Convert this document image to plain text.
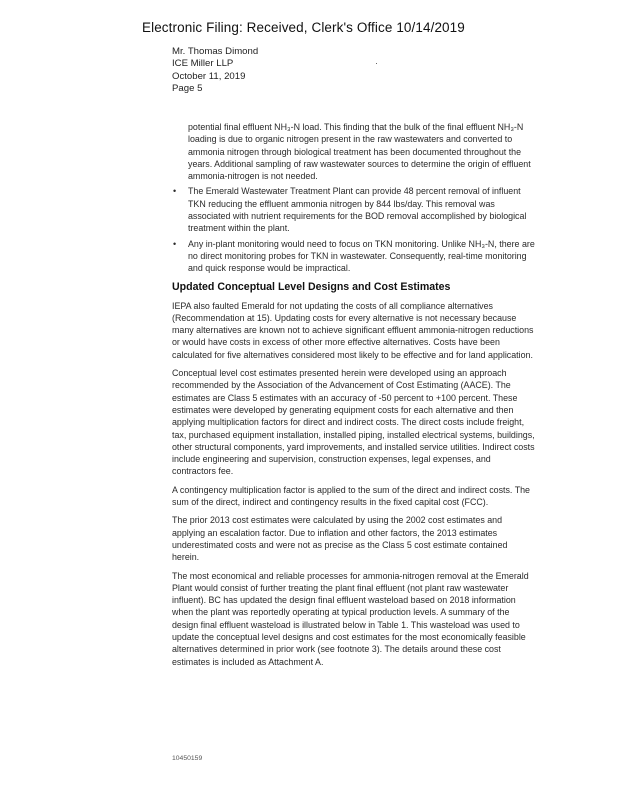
Electronic Filing: Received, Clerk's Office 10/14/2019
Mr. Thomas Dimond
ICE Miller LLP
October 11, 2019
Page 5
potential final effluent NH₃-N load. This finding that the bulk of the final effluent NH₃-N loading is due to organic nitrogen present in the raw wastewaters and converted to ammonia nitrogen through biological treatment has been documented throughout the years. Additional sampling of raw wastewater sources to determine the origin of effluent ammonia-nitrogen is not needed.
• The Emerald Wastewater Treatment Plant can provide 48 percent removal of influent TKN reducing the effluent ammonia nitrogen by 844 lbs/day. This removal was associated with nutrient requirements for the BOD removal accomplished by biological treatment within the plant.
• Any in-plant monitoring would need to focus on TKN monitoring. Unlike NH₃-N, there are no direct monitoring probes for TKN in wastewater. Consequently, real-time monitoring and quick response would be impractical.
Updated Conceptual Level Designs and Cost Estimates

IEPA also faulted Emerald for not updating the costs of all compliance alternatives (Recommendation at 15). Updating costs for every alternative is not necessary because many alternatives are known not to achieve significant effluent ammonia-nitrogen reductions or would have costs in excess of other more effective alternatives. Costs have been calculated for five alternatives considered most likely to be effective and for land application.

Conceptual level cost estimates presented herein were developed using an approach recommended by the Association of the Advancement of Cost Estimating (AACE). The estimates are Class 5 estimates with an accuracy of -50 percent to +100 percent. These estimates were developed by generating equipment costs for each alternative and then applying multiplication factors for direct and indirect costs. The direct costs include freight, tax, purchased equipment installation, installed piping, installed electrical systems, buildings, other structural components, yard improvements, and installed service utilities. Indirect costs include engineering and supervision, construction expenses, legal expenses, and contractors fee.

A contingency multiplication factor is applied to the sum of the direct and indirect costs. The sum of the direct, indirect and contingency results in the fixed capital cost (FCC).

The prior 2013 cost estimates were calculated by using the 2002 cost estimates and applying an escalation factor. Due to inflation and other factors, the 2013 estimates underestimated costs and were not as precise as the Class 5 cost estimate contained herein.

The most economical and reliable processes for ammonia-nitrogen removal at the Emerald Plant would consist of further treating the plant final effluent (not plant raw wastewater influent). BC has updated the design final effluent wasteload based on 2018 information when the plant was reportedly operating at typical production levels. A summary of the design final effluent wasteload is illustrated below in Table 1. This wasteload was used to update the conceptual level designs and cost estimates for the most economically feasible alternatives determined in prior work (see footnote 3). The details around these cost estimates is included as Attachment A.

10450159
